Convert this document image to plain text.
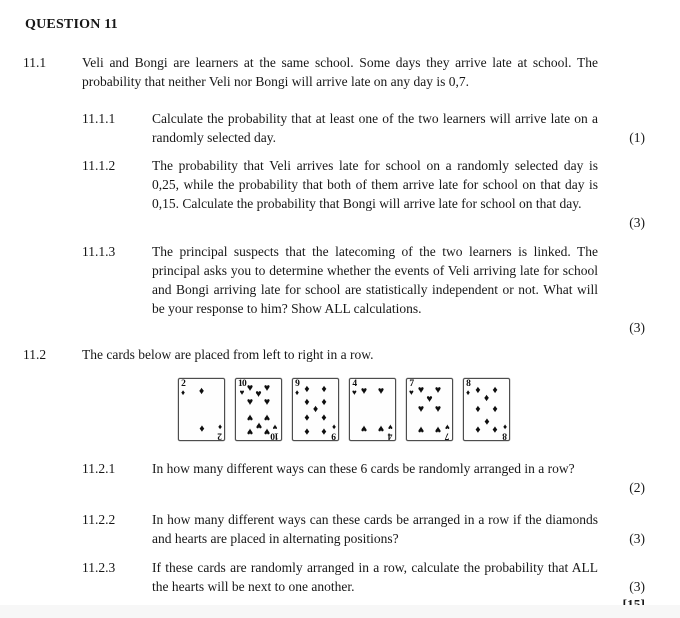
QUESTION 11
11.1	Veli and Bongi are learners at the same school. Some days they arrive late at school. The probability that neither Veli nor Bongi will arrive late on any day is 0,7.
11.1.1	Calculate the probability that at least one of the two learners will arrive late on a randomly selected day.	(1)
11.1.2	The probability that Veli arrives late for school on a randomly selected day is 0,25, while the probability that both of them arrive late for school on that day is 0,15. Calculate the probability that Bongi will arrive late for school on that day.
(3)
11.1.3	The principal suspects that the latecoming of the two learners is linked. The principal asks you to determine whether the events of Veli arriving late for school and Bongi arriving late for school are statistically independent or not. What will be your response to him? Show ALL calculations.
(3)
11.2	The cards below are placed from left to right in a row.
2
♦
2
♦
♦
♦
10
♥
10
♥
♥ ♥
♥
♥ ♥
♥ ♥
♥
♥ ♥
9
♦
9
♦
♦ ♦
♦ ♦
♦
♦ ♦
♦ ♦
4
♥
4
♥
♥ ♥
♥ ♥
7
♥
7
♥
♥ ♥
♥
♥ ♥
♥ ♥
8
♦
8
♦
♦ ♦
♦
♦ ♦
♦
♦ ♦
11.2.1	In how many different ways can these 6 cards be randomly arranged in a row?
(2)
11.2.2	In how many different ways can these cards be arranged in a row if the diamonds and hearts are placed in alternating positions?	(3)
11.2.3	If these cards are randomly arranged in a row, calculate the probability that ALL the hearts will be next to one another.	(3)
